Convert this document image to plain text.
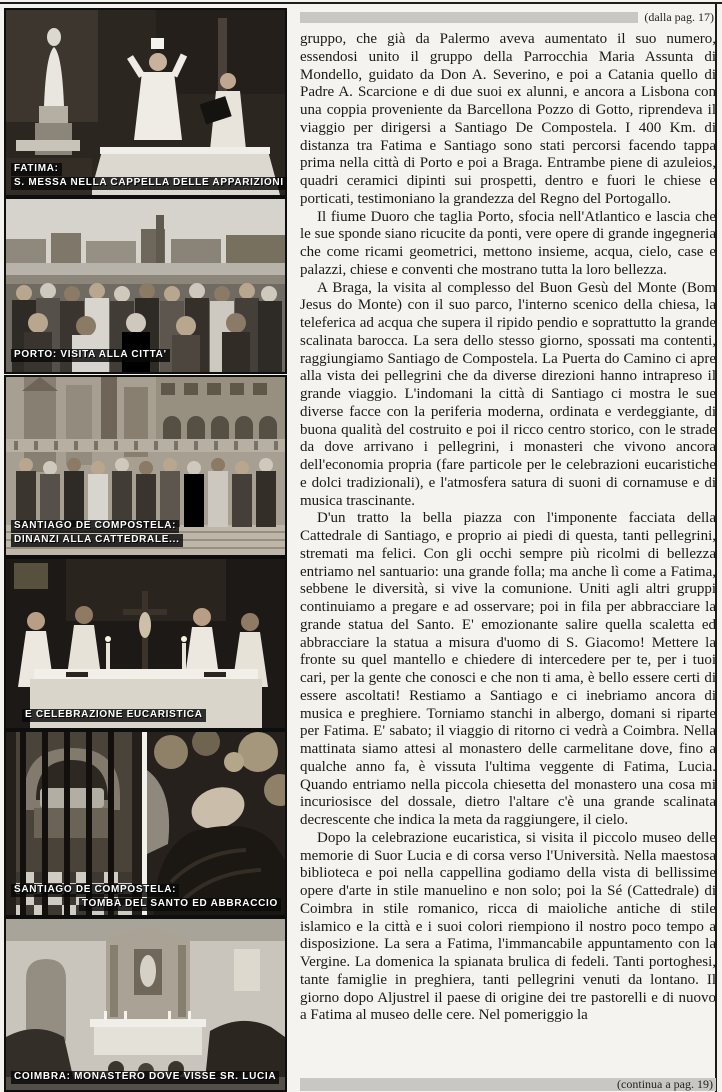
FATIMA:
S. MESSA NELLA CAPPELLA DELLE APPARIZIONI
PORTO: VISITA ALLA CITTA'
SANTIAGO DE COMPOSTELA:
DINANZI ALLA CATTEDRALE...
E CELEBRAZIONE EUCARISTICA
SANTIAGO DE COMPOSTELA:
TOMBA DEL SANTO ED ABBRACCIO
COIMBRA: MONASTERO DOVE VISSE SR. LUCIA
(dalla pag. 17)

gruppo, che già da Palermo aveva aumentato il suo numero, essendosi unito il gruppo della Parrocchia Maria Assunta di Mondello, guidato da Don A. Severino, e poi a Catania quello di Padre A. Scarcione e di due suoi ex alunni, e ancora a Lisbona con una coppia proveniente da Barcellona Pozzo di Gotto, riprendeva il viaggio per dirigersi a Santiago De Compostela. I 400 Km. di distanza tra Fatima e Santiago sono stati percorsi facendo tappa prima nella città di Porto e poi a Braga. Entrambe piene di azuleios, quadri ceramici dipinti sui prospetti, dentro e fuori le chiese e porticati, testimoniano la grandezza del Regno del Portogallo.

Il fiume Duoro che taglia Porto, sfocia nell'Atlantico e lascia che le sue sponde siano ricucite da ponti, vere opere di grande ingegneria che come ricami geometrici, mettono insieme, acqua, cielo, case e palazzi, chiese e conventi che mostrano tutta la loro bellezza.

A Braga, la visita al complesso del Buon Gesù del Monte (Bom Jesus do Monte) con il suo parco, l'interno scenico della chiesa, la teleferica ad acqua che supera il ripido pendio e soprattutto la grande scalinata barocca. La sera dello stesso giorno, spossati ma contenti, raggiungiamo Santiago de Compostela. La Puerta do Camino ci apre alla vista dei pellegrini che da diverse direzioni hanno intrapreso il grande viaggio. L'indomani la città di Santiago ci mostra le sue diverse facce con la periferia moderna, ordinata e verdeggiante, di buona qualità del costruito e poi il ricco centro storico, con le strade da dove arrivano i pellegrini, i monasteri che vivono ancora dell'economia propria (fare particole per le celebrazioni eucaristiche e dolci tradizionali), e l'atmosfera satura di suoni di cornamuse e di musica trascinante.

D'un tratto la bella piazza con l'imponente facciata della Cattedrale di Santiago, e proprio ai piedi di questa, tanti pellegrini, stremati ma felici. Con gli occhi sempre più ricolmi di bellezza entriamo nel santuario: una grande folla; ma anche lì come a Fatima, sebbene le diversità, si vive la comunione. Uniti agli altri gruppi continuiamo a pregare e ad osservare; poi in fila per abbracciare la grande statua del Santo. E' emozionante salire quella scaletta ed abbracciare la statua a misura d'uomo di S. Giacomo! Mettere la fronte su quel mantello e chiedere di intercedere per te, per i tuoi cari, per la gente che conosci e che non ti ama, è bello essere certi di essere ascoltati! Restiamo a Santiago e ci inebriamo ancora di musica e preghiere. Torniamo stanchi in albergo, domani si riparte per Fatima. E' sabato; il viaggio di ritorno ci vedrà a Coimbra. Nella mattinata siamo attesi al monastero delle carmelitane dove, fino a qualche anno fa, è vissuta l'ultima veggente di Fatima, Lucia. Quando entriamo nella piccola chiesetta del monastero una cosa mi incuriosisce del dossale, dietro l'altare c'è una grande scalinata decrescente che indica la meta da raggiungere, il cielo.

Dopo la celebrazione eucaristica, si visita il piccolo museo delle memorie di Suor Lucia e di corsa verso l'Università. Nella maestosa biblioteca e poi nella cappellina godiamo della vista di bellissime opere d'arte in stile manuelino e non solo; poi la Sé (Cattedrale) di Coimbra in stile romanico, ricca di maioliche antiche di stile islamico e la città e i suoi colori riempiono il nostro poco tempo a disposizione. La sera a Fatima, l'immancabile appuntamento con la Vergine. La domenica la spianata brulica di fedeli. Tanti portoghesi, tante famiglie in preghiera, tanti pellegrini venuti da lontano. Il giorno dopo Aljustrel il paese di origine dei tre pastorelli e di nuovo a Fatima al museo delle cere. Nel pomeriggio la

(continua a pag. 19)
